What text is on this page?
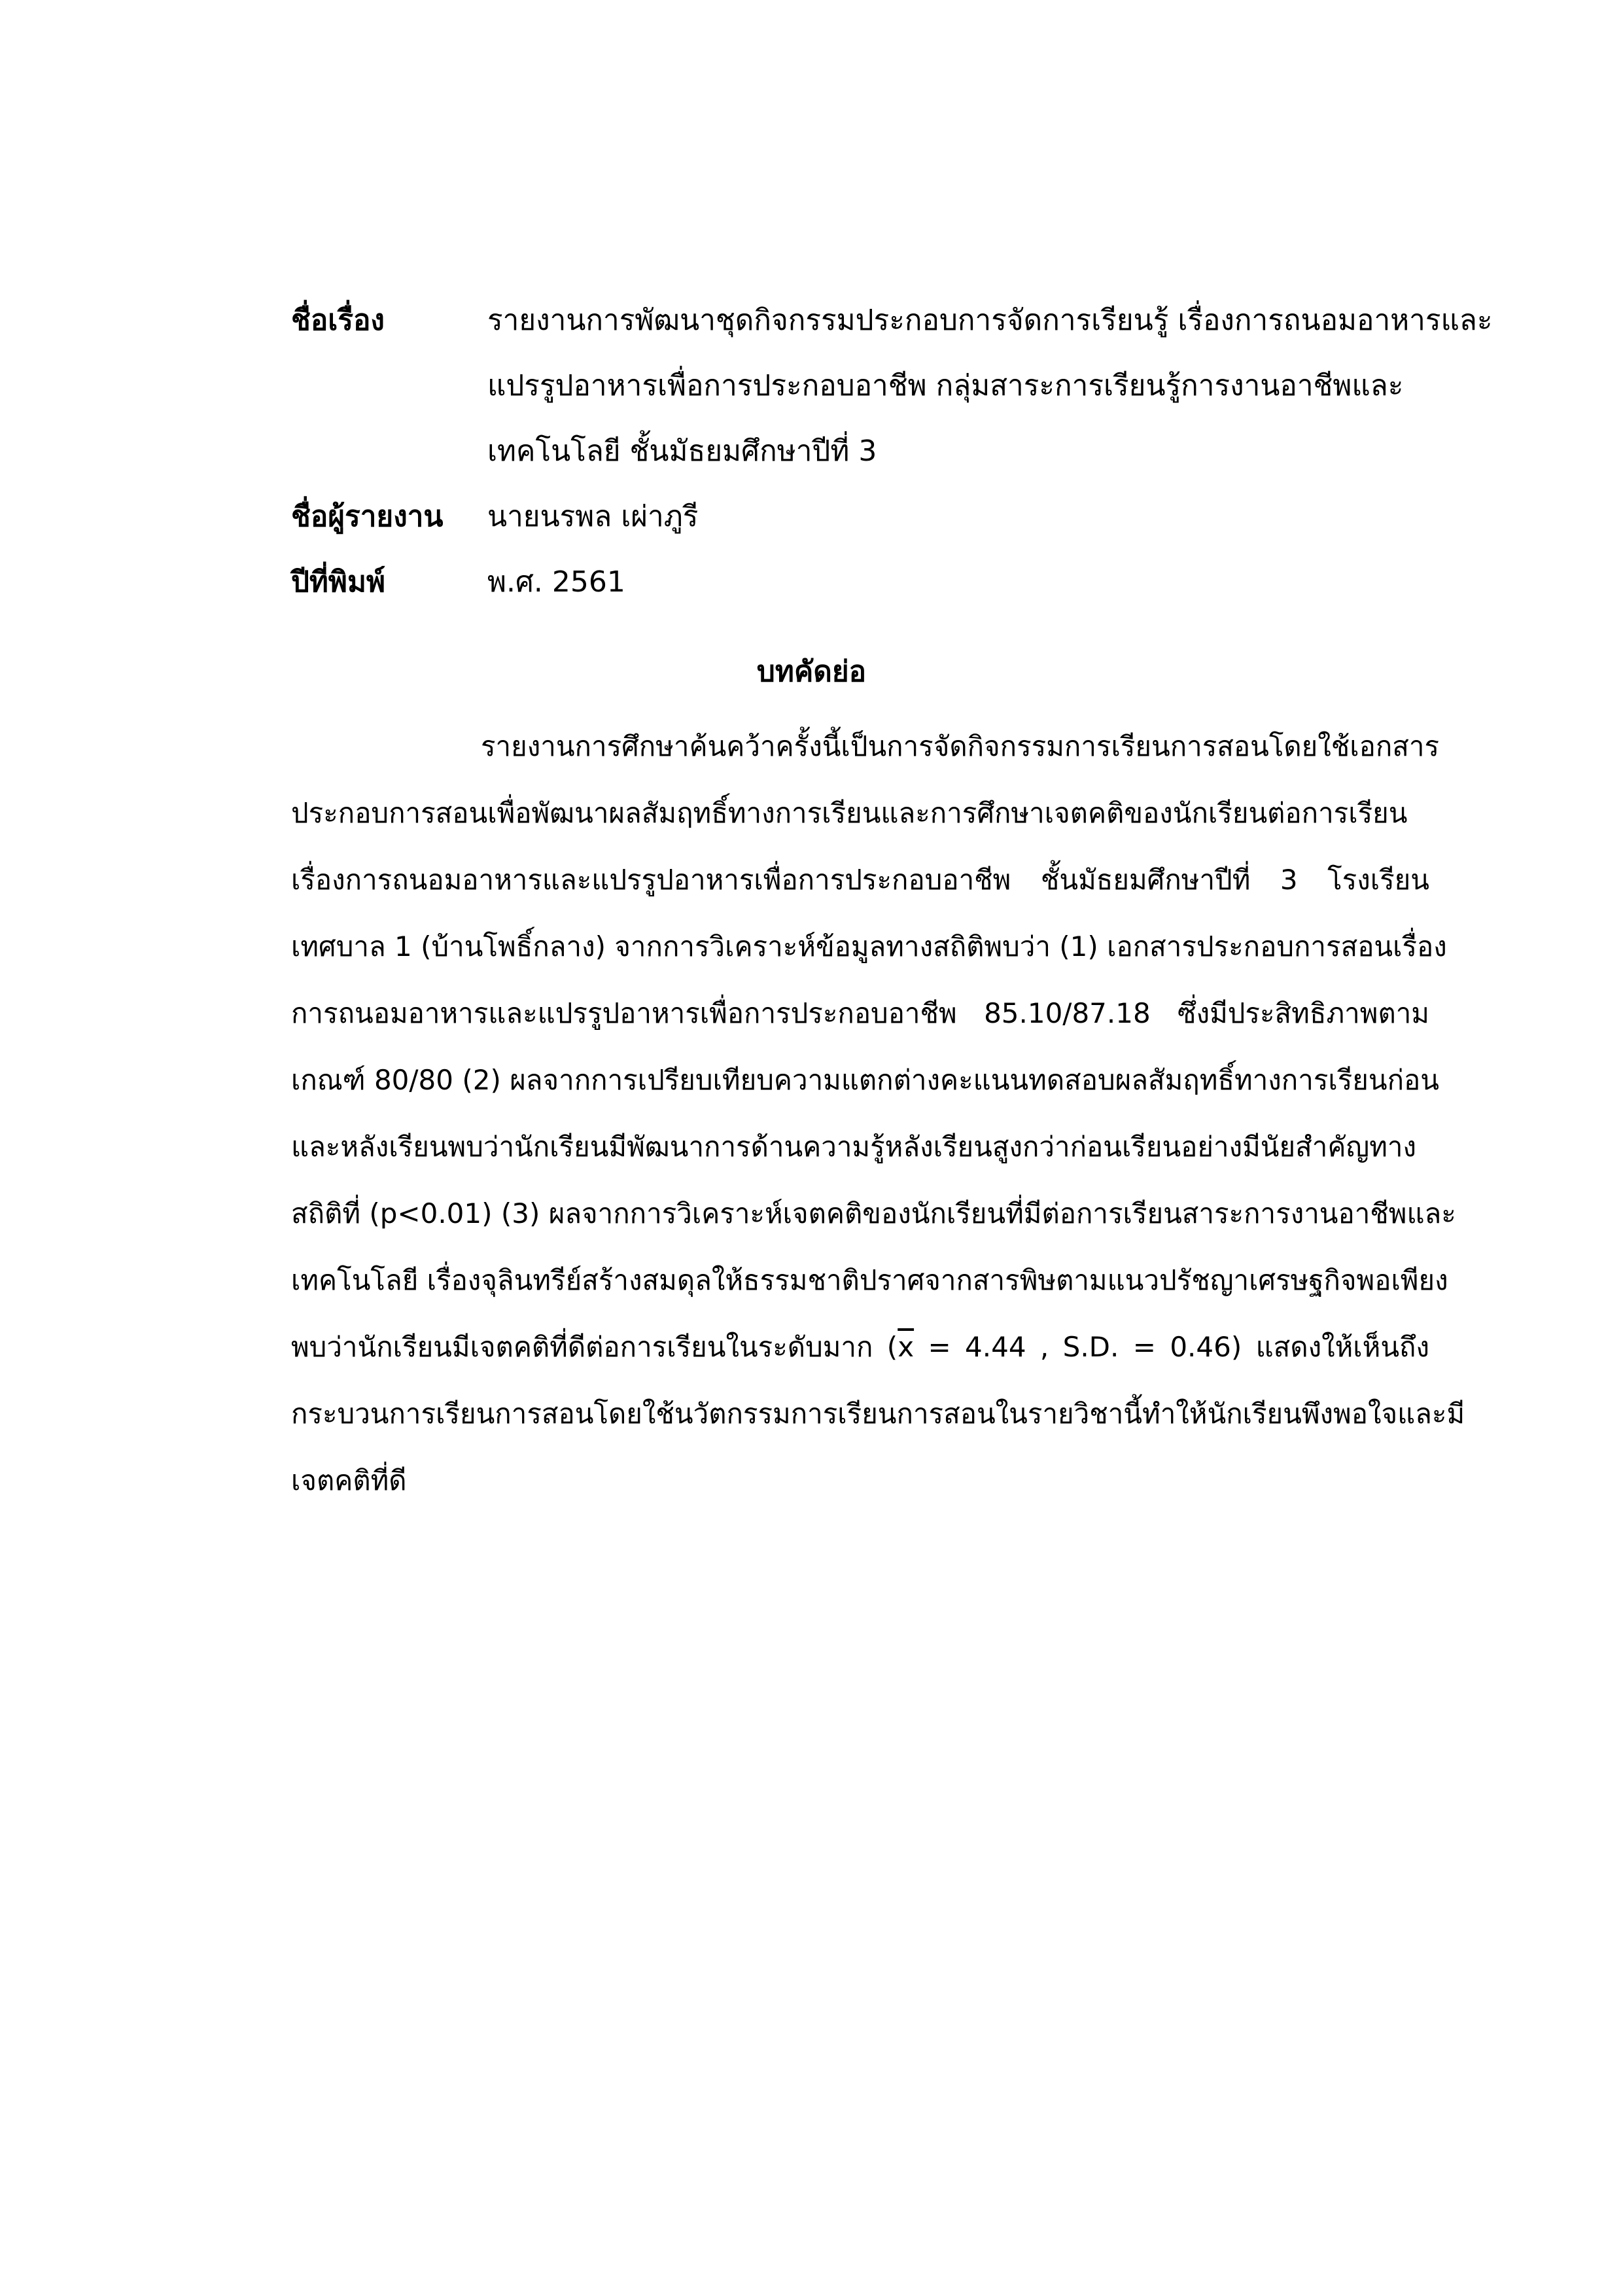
ชื่อเรื่อง	รายงานการพัฒนาชุดกิจกรรมประกอบการจัดการเรียนรู้ เรื่องการถนอมอาหารและ
แปรรูปอาหารเพื่อการประกอบอาชีพ กลุ่มสาระการเรียนรู้การงานอาชีพและ
เทคโนโลยี ชั้นมัธยมศึกษาปีที่ 3
ชื่อผู้รายงาน นายนรพล เผ่าภูรี
ปีที่พิมพ์	พ.ศ. 2561
บทคัดย่อ
รายงานการศึกษาค้นคว้าครั้งนี้เป็นการจัดกิจกรรมการเรียนการสอนโดยใช้เอกสาร
ประกอบการสอนเพื่อพัฒนาผลสัมฤทธิ์ทางการเรียนและการศึกษาเจตคติของนักเรียนต่อการเรียน
เรื่องการถนอมอาหารและแปรรูปอาหารเพื่อการประกอบอาชีพ ชั้นมัธยมศึกษาปีที่ 3 โรงเรียน
เทศบาล 1 (บ้านโพธิ์กลาง) จากการวิเคราะห์ข้อมูลทางสถิติพบว่า (1) เอกสารประกอบการสอนเรื่อง
การถนอมอาหารและแปรรูปอาหารเพื่อการประกอบอาชีพ 85.10/87.18 ซึ่งมีประสิทธิภาพตาม
เกณฑ์ 80/80 (2) ผลจากการเปรียบเทียบความแตกต่างคะแนนทดสอบผลสัมฤทธิ์ทางการเรียนก่อน
และหลังเรียนพบว่านักเรียนมีพัฒนาการด้านความรู้หลังเรียนสูงกว่าก่อนเรียนอย่างมีนัยสำคัญทาง
สถิติที่ (p<0.01) (3) ผลจากการวิเคราะห์เจตคติของนักเรียนที่มีต่อการเรียนสาระการงานอาชีพและ
เทคโนโลยี เรื่องจุลินทรีย์สร้างสมดุลให้ธรรมชาติปราศจากสารพิษตามแนวปรัชญาเศรษฐกิจพอเพียง
พบว่านักเรียนมีเจตคติที่ดีต่อการเรียนในระดับมาก ($\overline{x} = 4.44$ , S.D. = 0.46) แสดงให้เห็นถึง
กระบวนการเรียนการสอนโดยใช้นวัตกรรมการเรียนการสอนในรายวิชานี้ทำให้นักเรียนพึงพอใจและมี
เจตคติที่ดี
